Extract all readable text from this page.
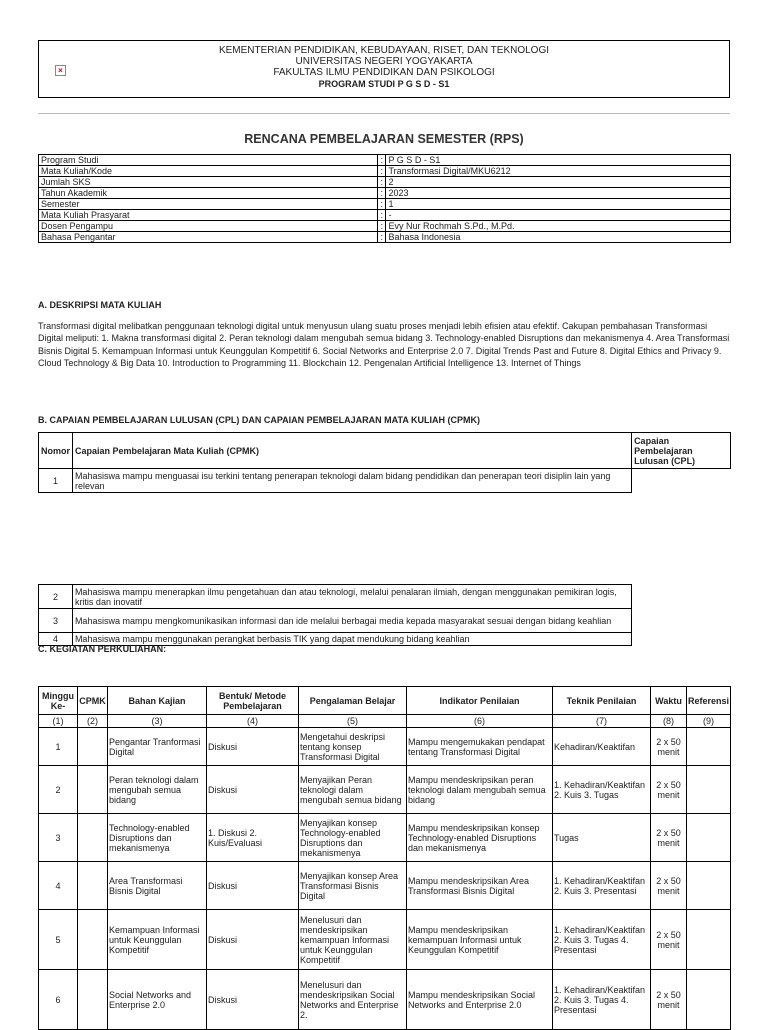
×
KEMENTERIAN PENDIDIKAN, KEBUDAYAAN, RISET, DAN TEKNOLOGI
UNIVERSITAS NEGERI YOGYAKARTA
FAKULTAS ILMU PENDIDIKAN DAN PSIKOLOGI
PROGRAM STUDI P G S D - S1
RENCANA PEMBELAJARAN SEMESTER (RPS)
Program Studi	:	P G S D - S1
Mata Kuliah/Kode	:	Transformasi Digital/MKU6212
Jumlah SKS	:	2
Tahun Akademik	:	2023
Semester	:	1
Mata Kuliah Prasyarat	:	-
Dosen Pengampu	:	Evy Nur Rochmah S.Pd., M.Pd.
Bahasa Pengantar	:	Bahasa Indonesia
A. DESKRIPSI MATA KULIAH
Transformasi digital melibatkan penggunaan teknologi digital untuk menyusun ulang suatu proses menjadi lebih efisien atau efektif. Cakupan pembahasan Transformasi Digital meliputi: 1. Makna transformasi digital 2. Peran teknologi dalam mengubah semua bidang 3. Technology-enabled Disruptions dan mekanismenya 4. Area Transformasi Bisnis Digital 5. Kemampuan Informasi untuk Keunggulan Kompetitif 6. Social Networks and Enterprise 2.0 7. Digital Trends Past and Future 8. Digital Ethics and Privacy 9. Cloud Technology & Big Data 10. Introduction to Programming 11. Blockchain 12. Pengenalan Artificial Intelligence 13. Internet of Things
B. CAPAIAN PEMBELAJARAN LULUSAN (CPL) DAN CAPAIAN PEMBELAJARAN MATA KULIAH (CPMK)
Nomor	Capaian Pembelajaran Mata Kuliah (CPMK)	Capaian Pembelajaran Lulusan (CPL)
1	Mahasiswa mampu menguasai isu terkini tentang penerapan teknologi dalam bidang pendidikan dan penerapan teori disiplin lain yang relevan	
2	Mahasiswa mampu menerapkan ilmu pengetahuan dan atau teknologi, melalui penalaran ilmiah, dengan menggunakan pemikiran logis, kritis dan inovatif
3	Mahasiswa mampu mengkomunikasikan informasi dan ide melalui berbagai media kepada masyarakat sesuai dengan bidang keahlian
4	Mahasiswa mampu menggunakan perangkat berbasis TIK yang dapat mendukung bidang keahlian
C. KEGIATAN PERKULIAHAN:
Minggu Ke-	CPMK	Bahan Kajian	Bentuk/ Metode Pembelajaran	Pengalaman Belajar	Indikator Penilaian	Teknik Penilaian	Waktu	Referensi
(1)	(2)	(3)	(4)	(5)	(6)	(7)	(8)	(9)
1		Pengantar Tranformasi Digital	Diskusi	Mengetahui deskripsi tentang konsep Transformasi Digital	Mampu mengemukakan pendapat tentang Transformasi Digital	Kehadiran/Keaktifan	2 x 50 menit	
2		Peran teknologi dalam mengubah semua bidang	Diskusi	Menyajikan Peran teknologi dalam mengubah semua bidang	Mampu mendeskripsikan peran teknologi dalam mengubah semua bidang	1. Kehadiran/Keaktifan 2. Kuis 3. Tugas	2 x 50 menit	
3		Technology-enabled Disruptions dan mekanismenya	1. Diskusi 2. Kuis/Evaluasi	Menyajikan konsep Technology-enabled Disruptions dan mekanismenya	Mampu mendeskripsikan konsep Technology-enabled Disruptions dan mekanismenya	Tugas	2 x 50 menit	
4		Area Transformasi Bisnis Digital	Diskusi	Menyajikan konsep Area Transformasi Bisnis Digital	Mampu mendeskripsikan Area Transformasi Bisnis Digital	1. Kehadiran/Keaktifan 2. Kuis 3. Presentasi	2 x 50 menit	
5		Kemampuan Informasi untuk Keunggulan Kompetitif	Diskusi	Menelusuri dan mendeskripsikan kemampuan Informasi untuk Keunggulan Kompetitif	Mampu mendeskripsikan kemampuan Informasi untuk Keunggulan Kompetitif	1. Kehadiran/Keaktifan 2. Kuis 3. Tugas 4. Presentasi	2 x 50 menit	
6		Social Networks and Enterprise 2.0	Diskusi	Menelusuri dan mendeskripsikan Social Networks and Enterprise 2.	Mampu mendeskripsikan Social Networks and Enterprise 2.0	1. Kehadiran/Keaktifan 2. Kuis 3. Tugas 4. Presentasi	2 x 50 menit	
